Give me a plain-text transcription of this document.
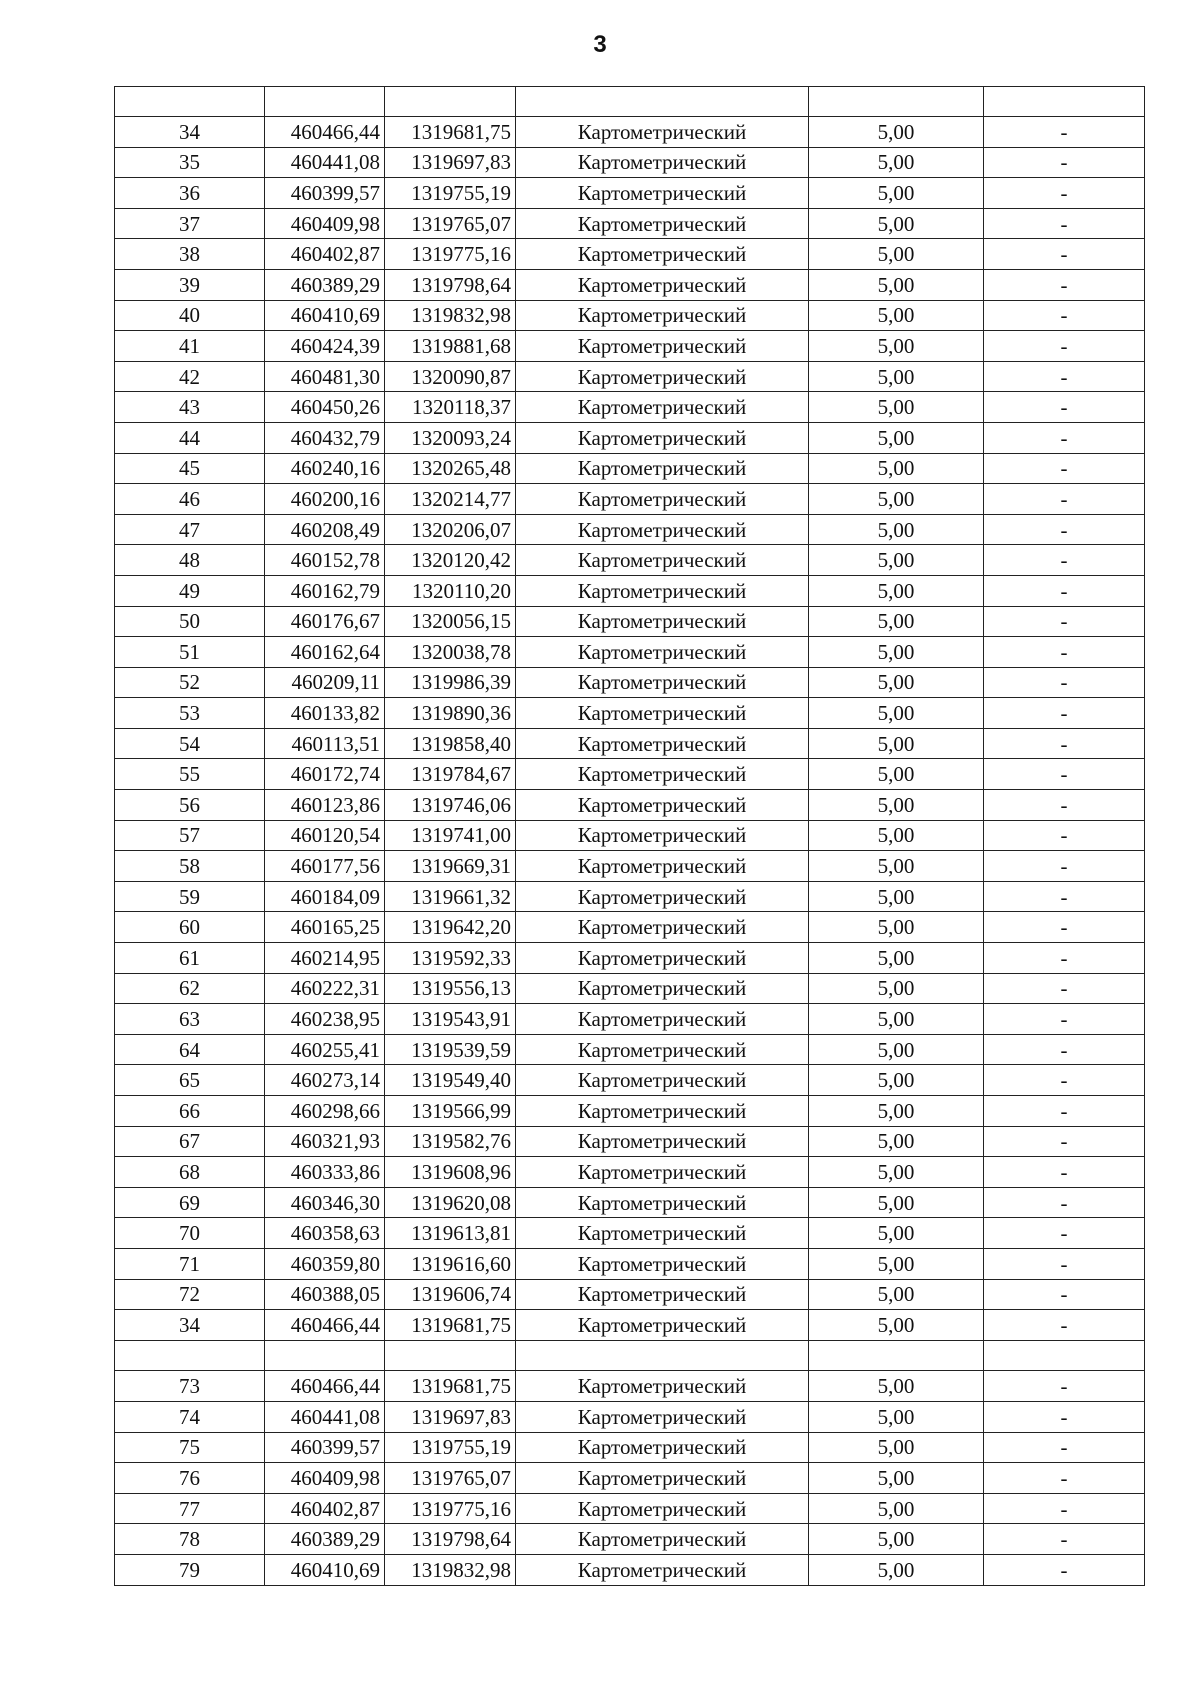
3

34	460466,44	1319681,75	Картометрический	5,00	-
35	460441,08	1319697,83	Картометрический	5,00	-
36	460399,57	1319755,19	Картометрический	5,00	-
37	460409,98	1319765,07	Картометрический	5,00	-
38	460402,87	1319775,16	Картометрический	5,00	-
39	460389,29	1319798,64	Картометрический	5,00	-
40	460410,69	1319832,98	Картометрический	5,00	-
41	460424,39	1319881,68	Картометрический	5,00	-
42	460481,30	1320090,87	Картометрический	5,00	-
43	460450,26	1320118,37	Картометрический	5,00	-
44	460432,79	1320093,24	Картометрический	5,00	-
45	460240,16	1320265,48	Картометрический	5,00	-
46	460200,16	1320214,77	Картометрический	5,00	-
47	460208,49	1320206,07	Картометрический	5,00	-
48	460152,78	1320120,42	Картометрический	5,00	-
49	460162,79	1320110,20	Картометрический	5,00	-
50	460176,67	1320056,15	Картометрический	5,00	-
51	460162,64	1320038,78	Картометрический	5,00	-
52	460209,11	1319986,39	Картометрический	5,00	-
53	460133,82	1319890,36	Картометрический	5,00	-
54	460113,51	1319858,40	Картометрический	5,00	-
55	460172,74	1319784,67	Картометрический	5,00	-
56	460123,86	1319746,06	Картометрический	5,00	-
57	460120,54	1319741,00	Картометрический	5,00	-
58	460177,56	1319669,31	Картометрический	5,00	-
59	460184,09	1319661,32	Картометрический	5,00	-
60	460165,25	1319642,20	Картометрический	5,00	-
61	460214,95	1319592,33	Картометрический	5,00	-
62	460222,31	1319556,13	Картометрический	5,00	-
63	460238,95	1319543,91	Картометрический	5,00	-
64	460255,41	1319539,59	Картометрический	5,00	-
65	460273,14	1319549,40	Картометрический	5,00	-
66	460298,66	1319566,99	Картометрический	5,00	-
67	460321,93	1319582,76	Картометрический	5,00	-
68	460333,86	1319608,96	Картометрический	5,00	-
69	460346,30	1319620,08	Картометрический	5,00	-
70	460358,63	1319613,81	Картометрический	5,00	-
71	460359,80	1319616,60	Картометрический	5,00	-
72	460388,05	1319606,74	Картометрический	5,00	-
34	460466,44	1319681,75	Картометрический	5,00	-

73	460466,44	1319681,75	Картометрический	5,00	-
74	460441,08	1319697,83	Картометрический	5,00	-
75	460399,57	1319755,19	Картометрический	5,00	-
76	460409,98	1319765,07	Картометрический	5,00	-
77	460402,87	1319775,16	Картометрический	5,00	-
78	460389,29	1319798,64	Картометрический	5,00	-
79	460410,69	1319832,98	Картометрический	5,00	-
